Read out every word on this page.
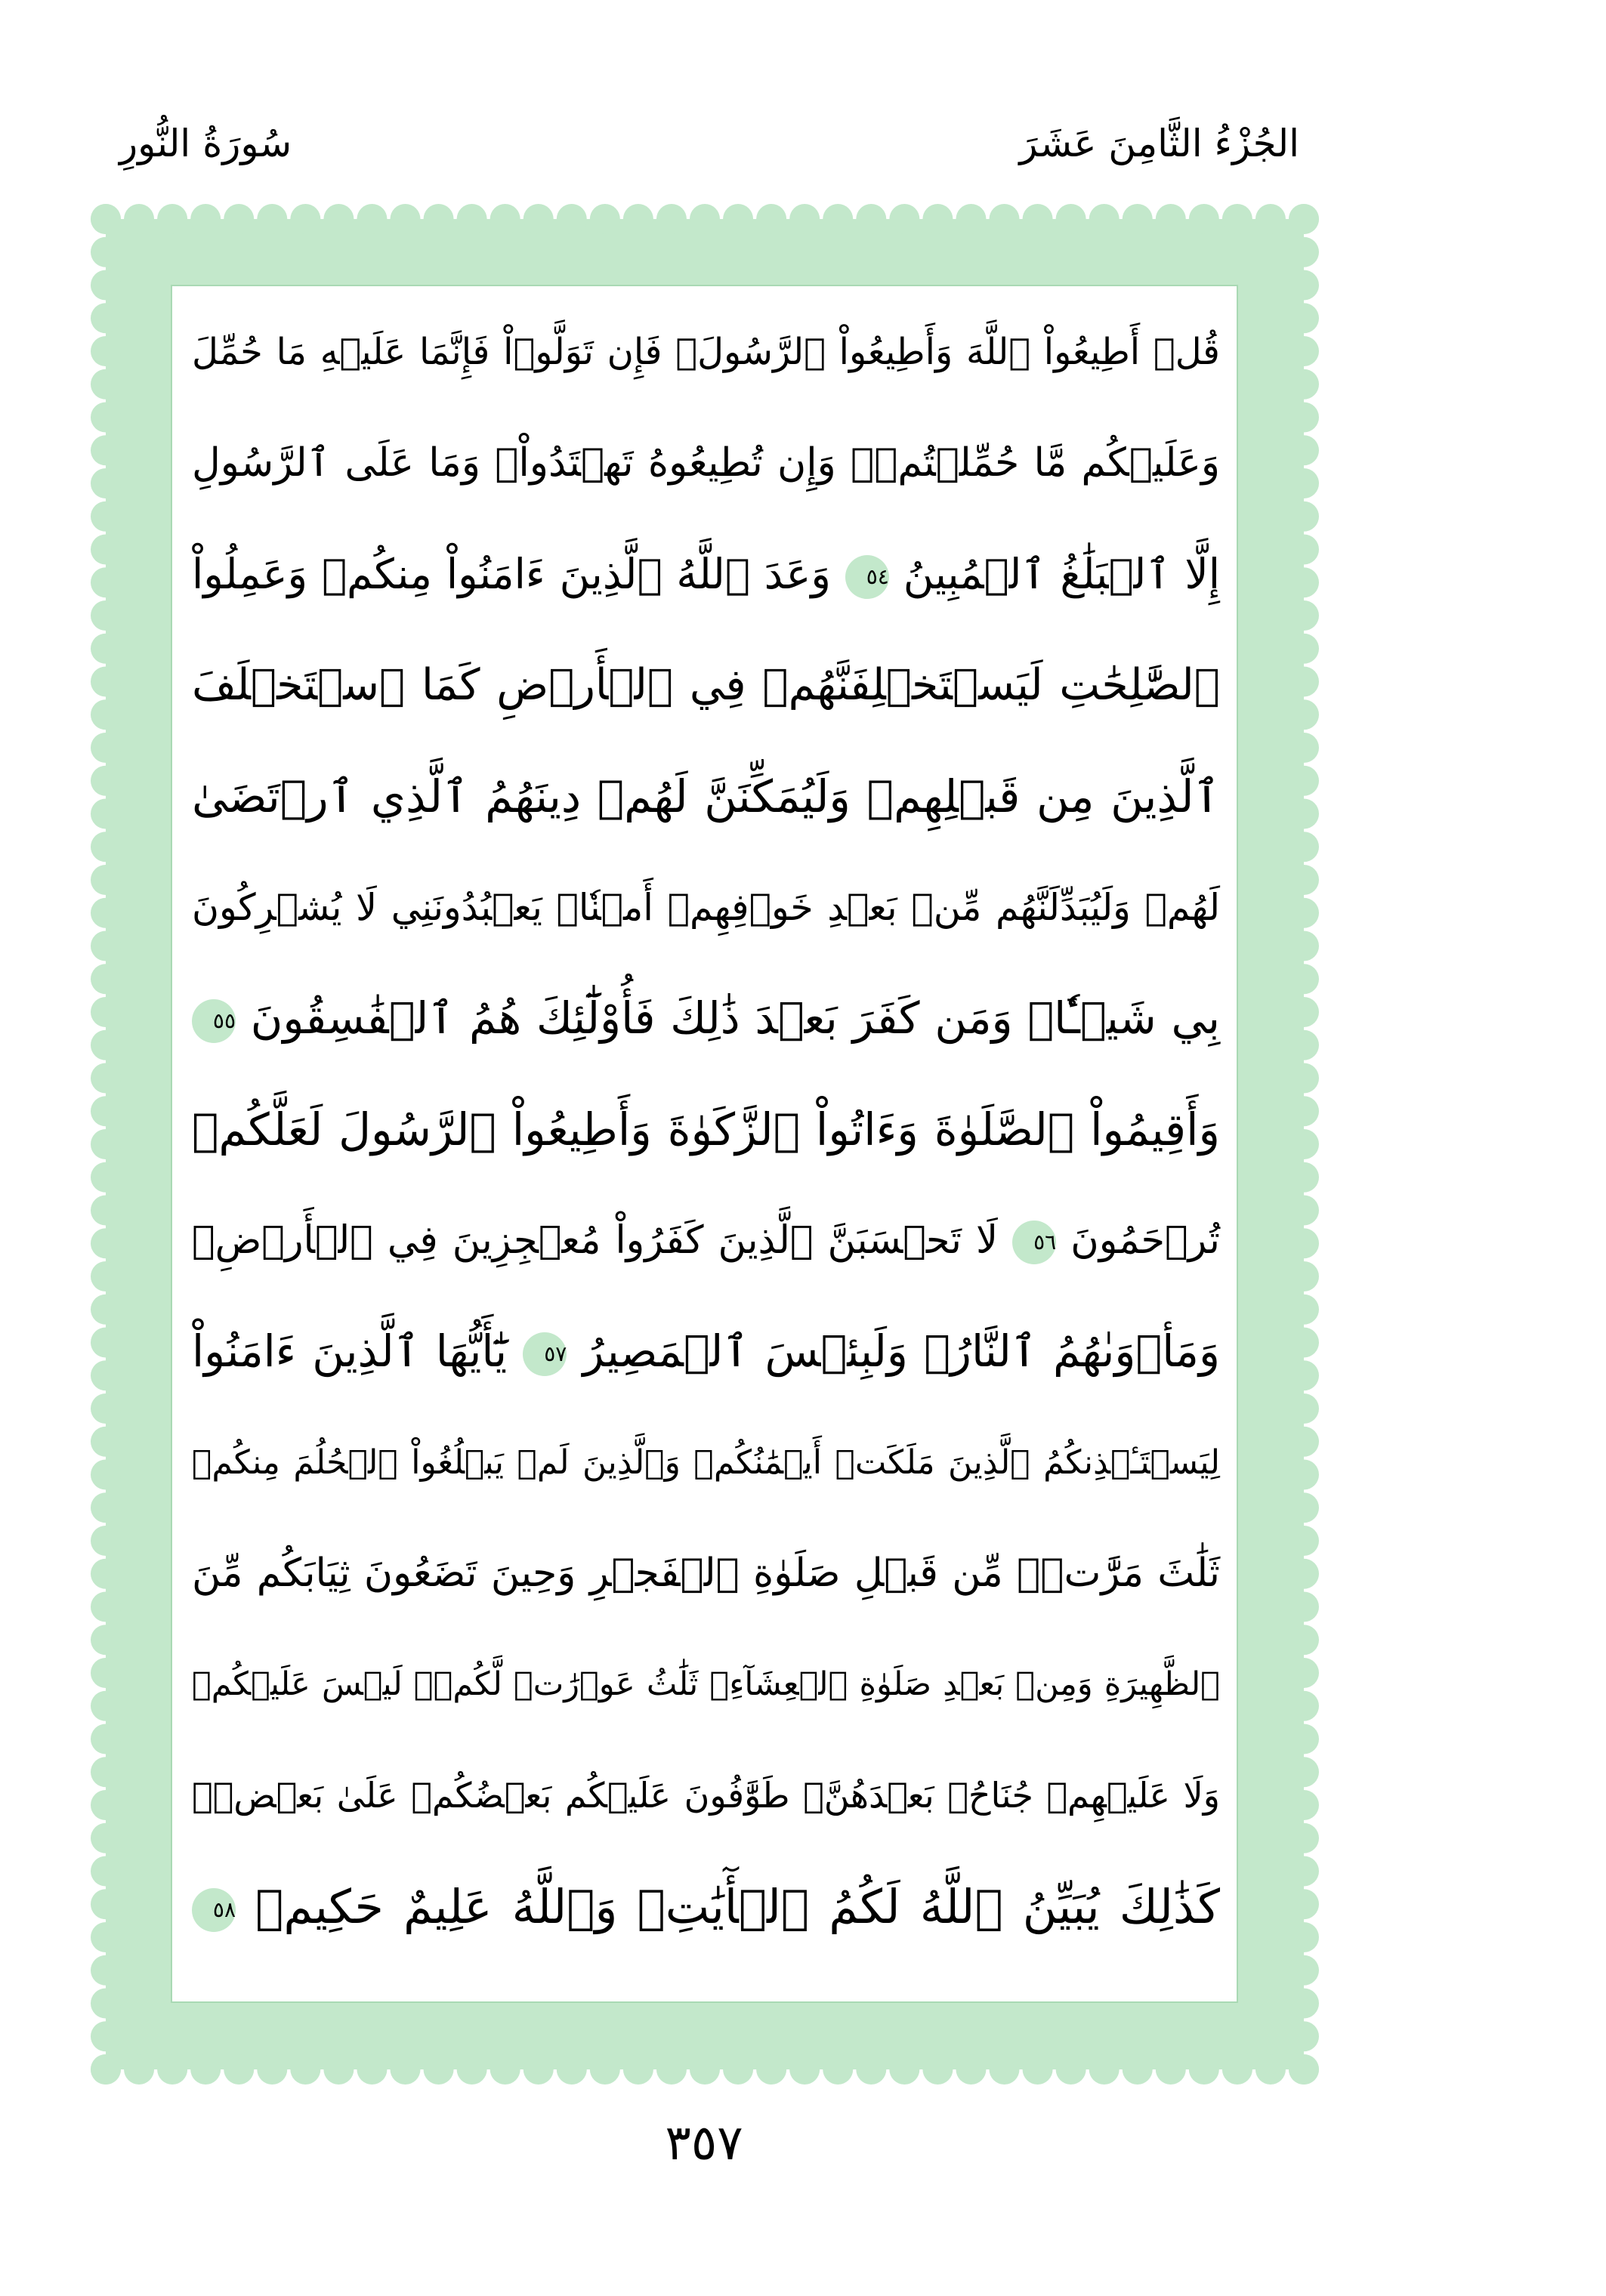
الجُزْءُ الثَّامِنَ عَشَرَ
سُورَةُ النُّورِ
قُلۡ أَطِيعُواْ ٱللَّهَ وَأَطِيعُواْ ٱلرَّسُولَۖ فَإِن تَوَلَّوۡاْ فَإِنَّمَا عَلَيۡهِ مَا حُمِّلَ
وَعَلَيۡكُم مَّا حُمِّلۡتُمۡۖ وَإِن تُطِيعُوهُ تَهۡتَدُواْۚ وَمَا عَلَى ٱلرَّسُولِ
إِلَّا ٱلۡبَلَٰغُ ٱلۡمُبِينُ ٥٤ وَعَدَ ٱللَّهُ ٱلَّذِينَ ءَامَنُواْ مِنكُمۡ وَعَمِلُواْ
ٱلصَّٰلِحَٰتِ لَيَسۡتَخۡلِفَنَّهُمۡ فِي ٱلۡأَرۡضِ كَمَا ٱسۡتَخۡلَفَ
ٱلَّذِينَ مِن قَبۡلِهِمۡ وَلَيُمَكِّنَنَّ لَهُمۡ دِينَهُمُ ٱلَّذِي ٱرۡتَضَىٰ
لَهُمۡ وَلَيُبَدِّلَنَّهُم مِّنۢ بَعۡدِ خَوۡفِهِمۡ أَمۡنٗاۚ يَعۡبُدُونَنِي لَا يُشۡرِكُونَ
بِي شَيۡـٔٗاۚ وَمَن كَفَرَ بَعۡدَ ذَٰلِكَ فَأُوْلَٰٓئِكَ هُمُ ٱلۡفَٰسِقُونَ ٥٥
وَأَقِيمُواْ ٱلصَّلَوٰةَ وَءَاتُواْ ٱلزَّكَوٰةَ وَأَطِيعُواْ ٱلرَّسُولَ لَعَلَّكُمۡ
تُرۡحَمُونَ ٥٦ لَا تَحۡسَبَنَّ ٱلَّذِينَ كَفَرُواْ مُعۡجِزِينَ فِي ٱلۡأَرۡضِۚ
وَمَأۡوَىٰهُمُ ٱلنَّارُۖ وَلَبِئۡسَ ٱلۡمَصِيرُ ٥٧ يَٰٓأَيُّهَا ٱلَّذِينَ ءَامَنُواْ
لِيَسۡتَـٔۡذِنكُمُ ٱلَّذِينَ مَلَكَتۡ أَيۡمَٰنُكُمۡ وَٱلَّذِينَ لَمۡ يَبۡلُغُواْ ٱلۡحُلُمَ مِنكُمۡ
ثَلَٰثَ مَرَّٰتٖۚ مِّن قَبۡلِ صَلَوٰةِ ٱلۡفَجۡرِ وَحِينَ تَضَعُونَ ثِيَابَكُم مِّنَ
ٱلظَّهِيرَةِ وَمِنۢ بَعۡدِ صَلَوٰةِ ٱلۡعِشَآءِۚ ثَلَٰثُ عَوۡرَٰتٖ لَّكُمۡۚ لَيۡسَ عَلَيۡكُمۡ
وَلَا عَلَيۡهِمۡ جُنَاحُۢ بَعۡدَهُنَّۚ طَوَّٰفُونَ عَلَيۡكُم بَعۡضُكُمۡ عَلَىٰ بَعۡضٖۚ
كَذَٰلِكَ يُبَيِّنُ ٱللَّهُ لَكُمُ ٱلۡأٓيَٰتِۗ وَٱللَّهُ عَلِيمٌ حَكِيمٞ ٥٨
٣٥٧
